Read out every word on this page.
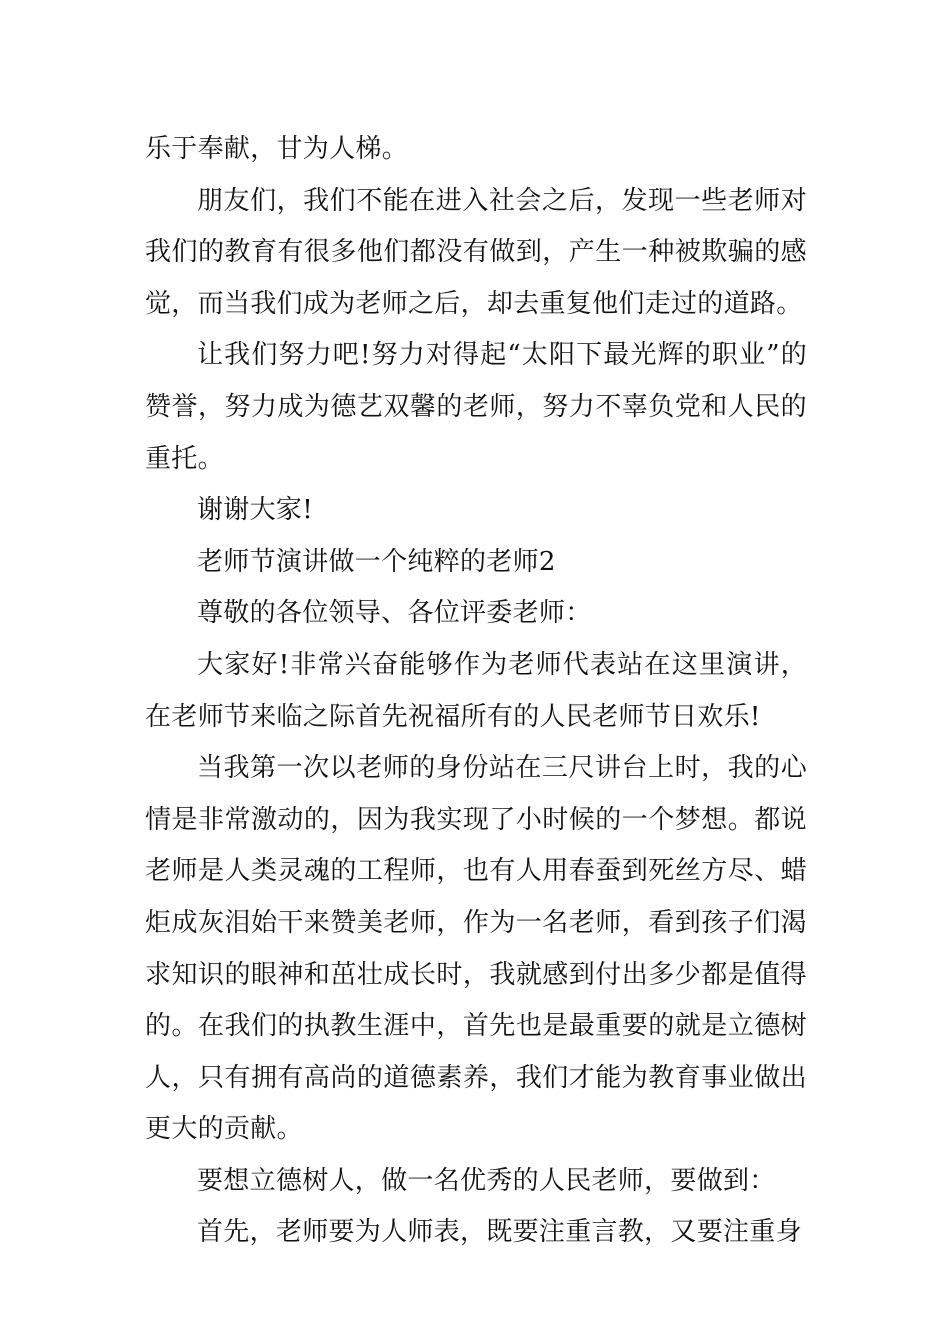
乐于奉献，甘为人梯。

朋友们，我们不能在进入社会之后，发现一些老师对我们的教育有很多他们都没有做到，产生一种被欺骗的感觉，而当我们成为老师之后，却去重复他们走过的道路。

让我们努力吧!努力对得起“太阳下最光辉的职业”的赞誉，努力成为德艺双馨的老师，努力不辜负党和人民的重托。

谢谢大家!

老师节演讲做一个纯粹的老师2

尊敬的各位领导、各位评委老师：

大家好!非常兴奋能够作为老师代表站在这里演讲，在老师节来临之际首先祝福所有的人民老师节日欢乐!

当我第一次以老师的身份站在三尺讲台上时，我的心情是非常激动的，因为我实现了小时候的一个梦想。都说老师是人类灵魂的工程师，也有人用春蚕到死丝方尽、蜡炬成灰泪始干来赞美老师，作为一名老师，看到孩子们渴求知识的眼神和茁壮成长时，我就感到付出多少都是值得的。在我们的执教生涯中，首先也是最重要的就是立德树人，只有拥有高尚的道德素养，我们才能为教育事业做出更大的贡献。

要想立德树人，做一名优秀的人民老师，要做到：

首先，老师要为人师表，既要注重言教，又要注重身
